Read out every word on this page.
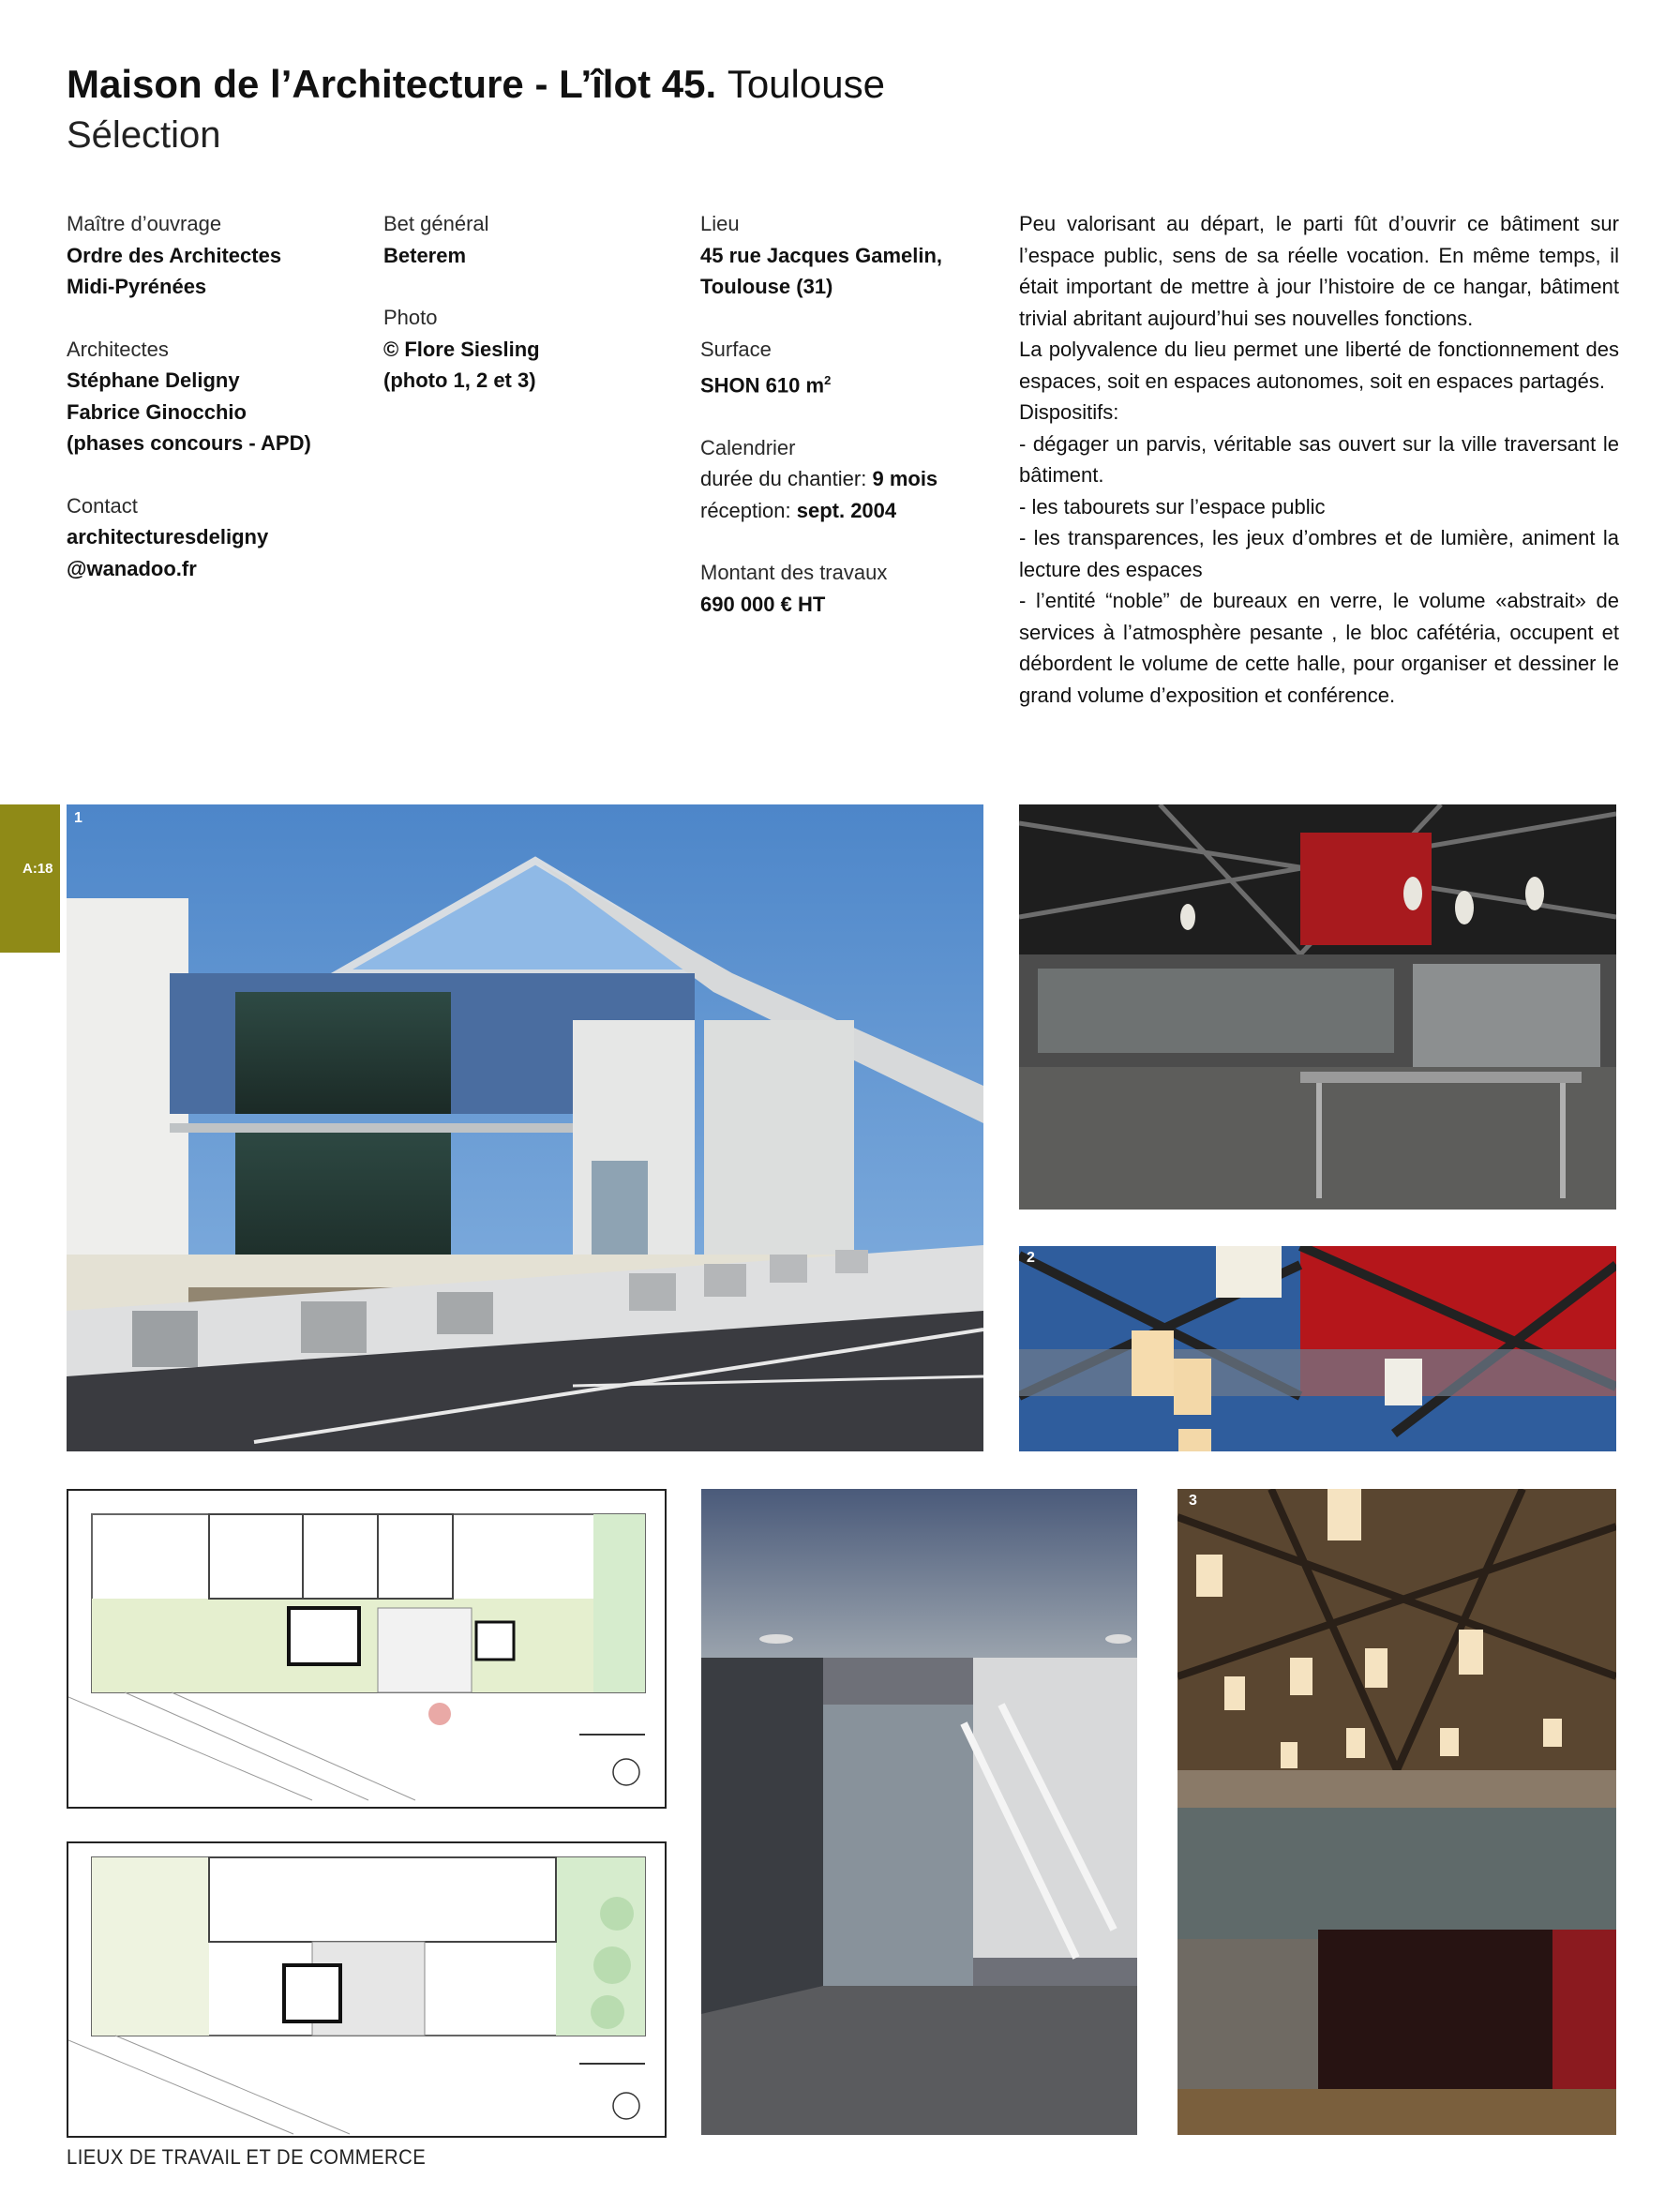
Maison de l’Architecture - L’îlot 45. Toulouse
Sélection
Maître d’ouvrage
Ordre des Architectes
Midi-Pyrénées
Architectes
Stéphane Deligny
Fabrice Ginocchio
(phases concours - APD)
Contact
architecturesdeligny
@wanadoo.fr
Bet général
Beterem
Photo
© Flore Siesling
(photo 1, 2 et 3)
Lieu
45 rue Jacques Gamelin,
Toulouse (31)
Surface
SHON 610 $m^2$
Calendrier
durée du chantier: 9 mois
réception: sept. 2004
Montant des travaux
690 000 € HT

Peu valorisant au départ, le parti fût d’ouvrir ce bâtiment sur l’espace public, sens de sa réelle vocation. En même temps, il était important de mettre à jour l’histoire de ce hangar, bâtiment trivial abritant aujourd’hui ses nouvelles fonctions.

La polyvalence du lieu permet une liberté de fonctionnement des espaces, soit en espaces autonomes, soit en espaces partagés.

Dispositifs:

- dégager un parvis, véritable sas ouvert sur la ville traversant le bâtiment.

- les tabourets sur l’espace public

- les transparences, les jeux d’ombres et de lumière, animent la lecture des espaces

- l’entité “noble” de bureaux en verre, le volume «abstrait» de services à l’atmosphère pesante , le bloc cafétéria, occupent et débordent le volume de cette halle, pour organiser et dessiner le grand volume d’exposition et conférence.

A:18
1
2
3
LIEUX DE TRAVAIL ET DE COMMERCE
